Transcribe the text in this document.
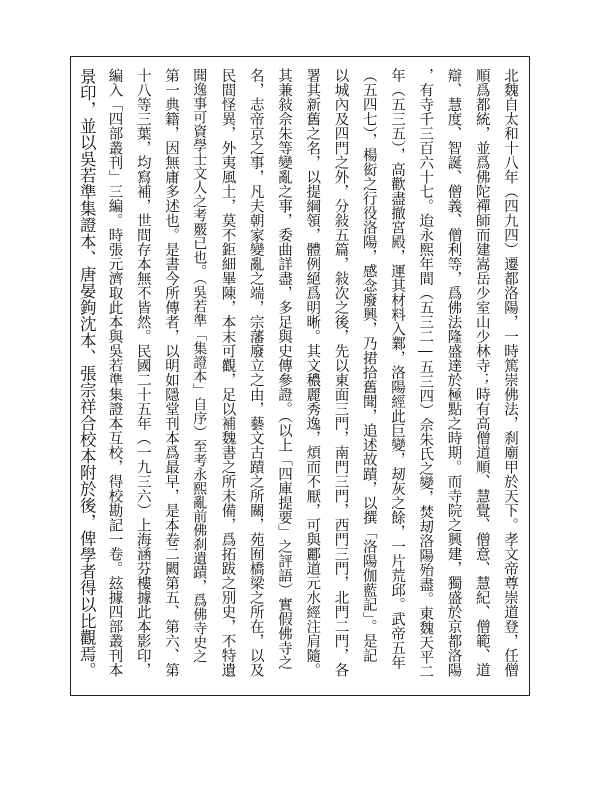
北魏自太和十八年（四九四）遷都洛陽，一時篤崇佛法，刹廟甲於天下。孝文帝尊崇道登，任僧
順爲都統，並爲佛陀禪師而建嵩岳少室山少林寺；時有高僧道順、慧覺、僧意、慧紀、僧範、道
辯、慧度、智誕、僧義、僧利等，爲佛法隆盛達於極點之時期。而寺院之興建，獨盛於京都洛陽
，有寺千三百六十七。迨永熙年間（五三二―五三四）佘朱氏之變，焚刼洛陽殆盡。東魏天平二
年（五三五），高歡盡撤宮殿，運其材料入鄴，洛陽經此巨變，刼灰之餘，一片荒邱。武帝五年
（五四七），楊衒之行役洛陽，感念廢興，乃捃拾舊聞，追述故蹟，以撰「洛陽伽藍記」。是記
以城內及四門之外，分敍五篇，敍次之後，先以東面三門，南門三門，西門三門，北門二門，各
署其新舊之名，以提綱領，體例絕爲明晰。其文穠麗秀逸，煩而不厭，可與酈道元水經注肩隨。
其兼敍佘朱等變亂之事，委曲詳盡，多足與史傳參證。（以上「四庫提要」之評語）實假佛寺之
名，志帝京之事，凡夫朝家變亂之端，宗藩廢立之由，藝文古蹟之所關，苑囿橋梁之所在，以及
民間怪異，外夷風土，莫不鉅細畢陳，本末可觀，足以補魏書之所未備，爲拓跋之別史，不特遺
聞逸事可資學士文人之考覈已也。（吳若準「集證本」自序）至考永熙亂前佛刹遺蹟，爲佛寺史之
第一典籍，因無庸多述也。是書今所傳者，以明如隱堂刊本爲最早，是本卷二闕第五、第六、第
十八等三葉，均寫補，世間存本無不皆然。民國二十五年（一九三六）上海涵芬樓據此本影印，
編入「四部叢刊」三編。時張元濟取此本與吳若準集證本互校，得校勘記一卷。玆據四部叢刊本
景印，並以吳若準集證本、唐晏鉤沈本、張宗祥合校本附於後，俾學者得以比觀焉。
